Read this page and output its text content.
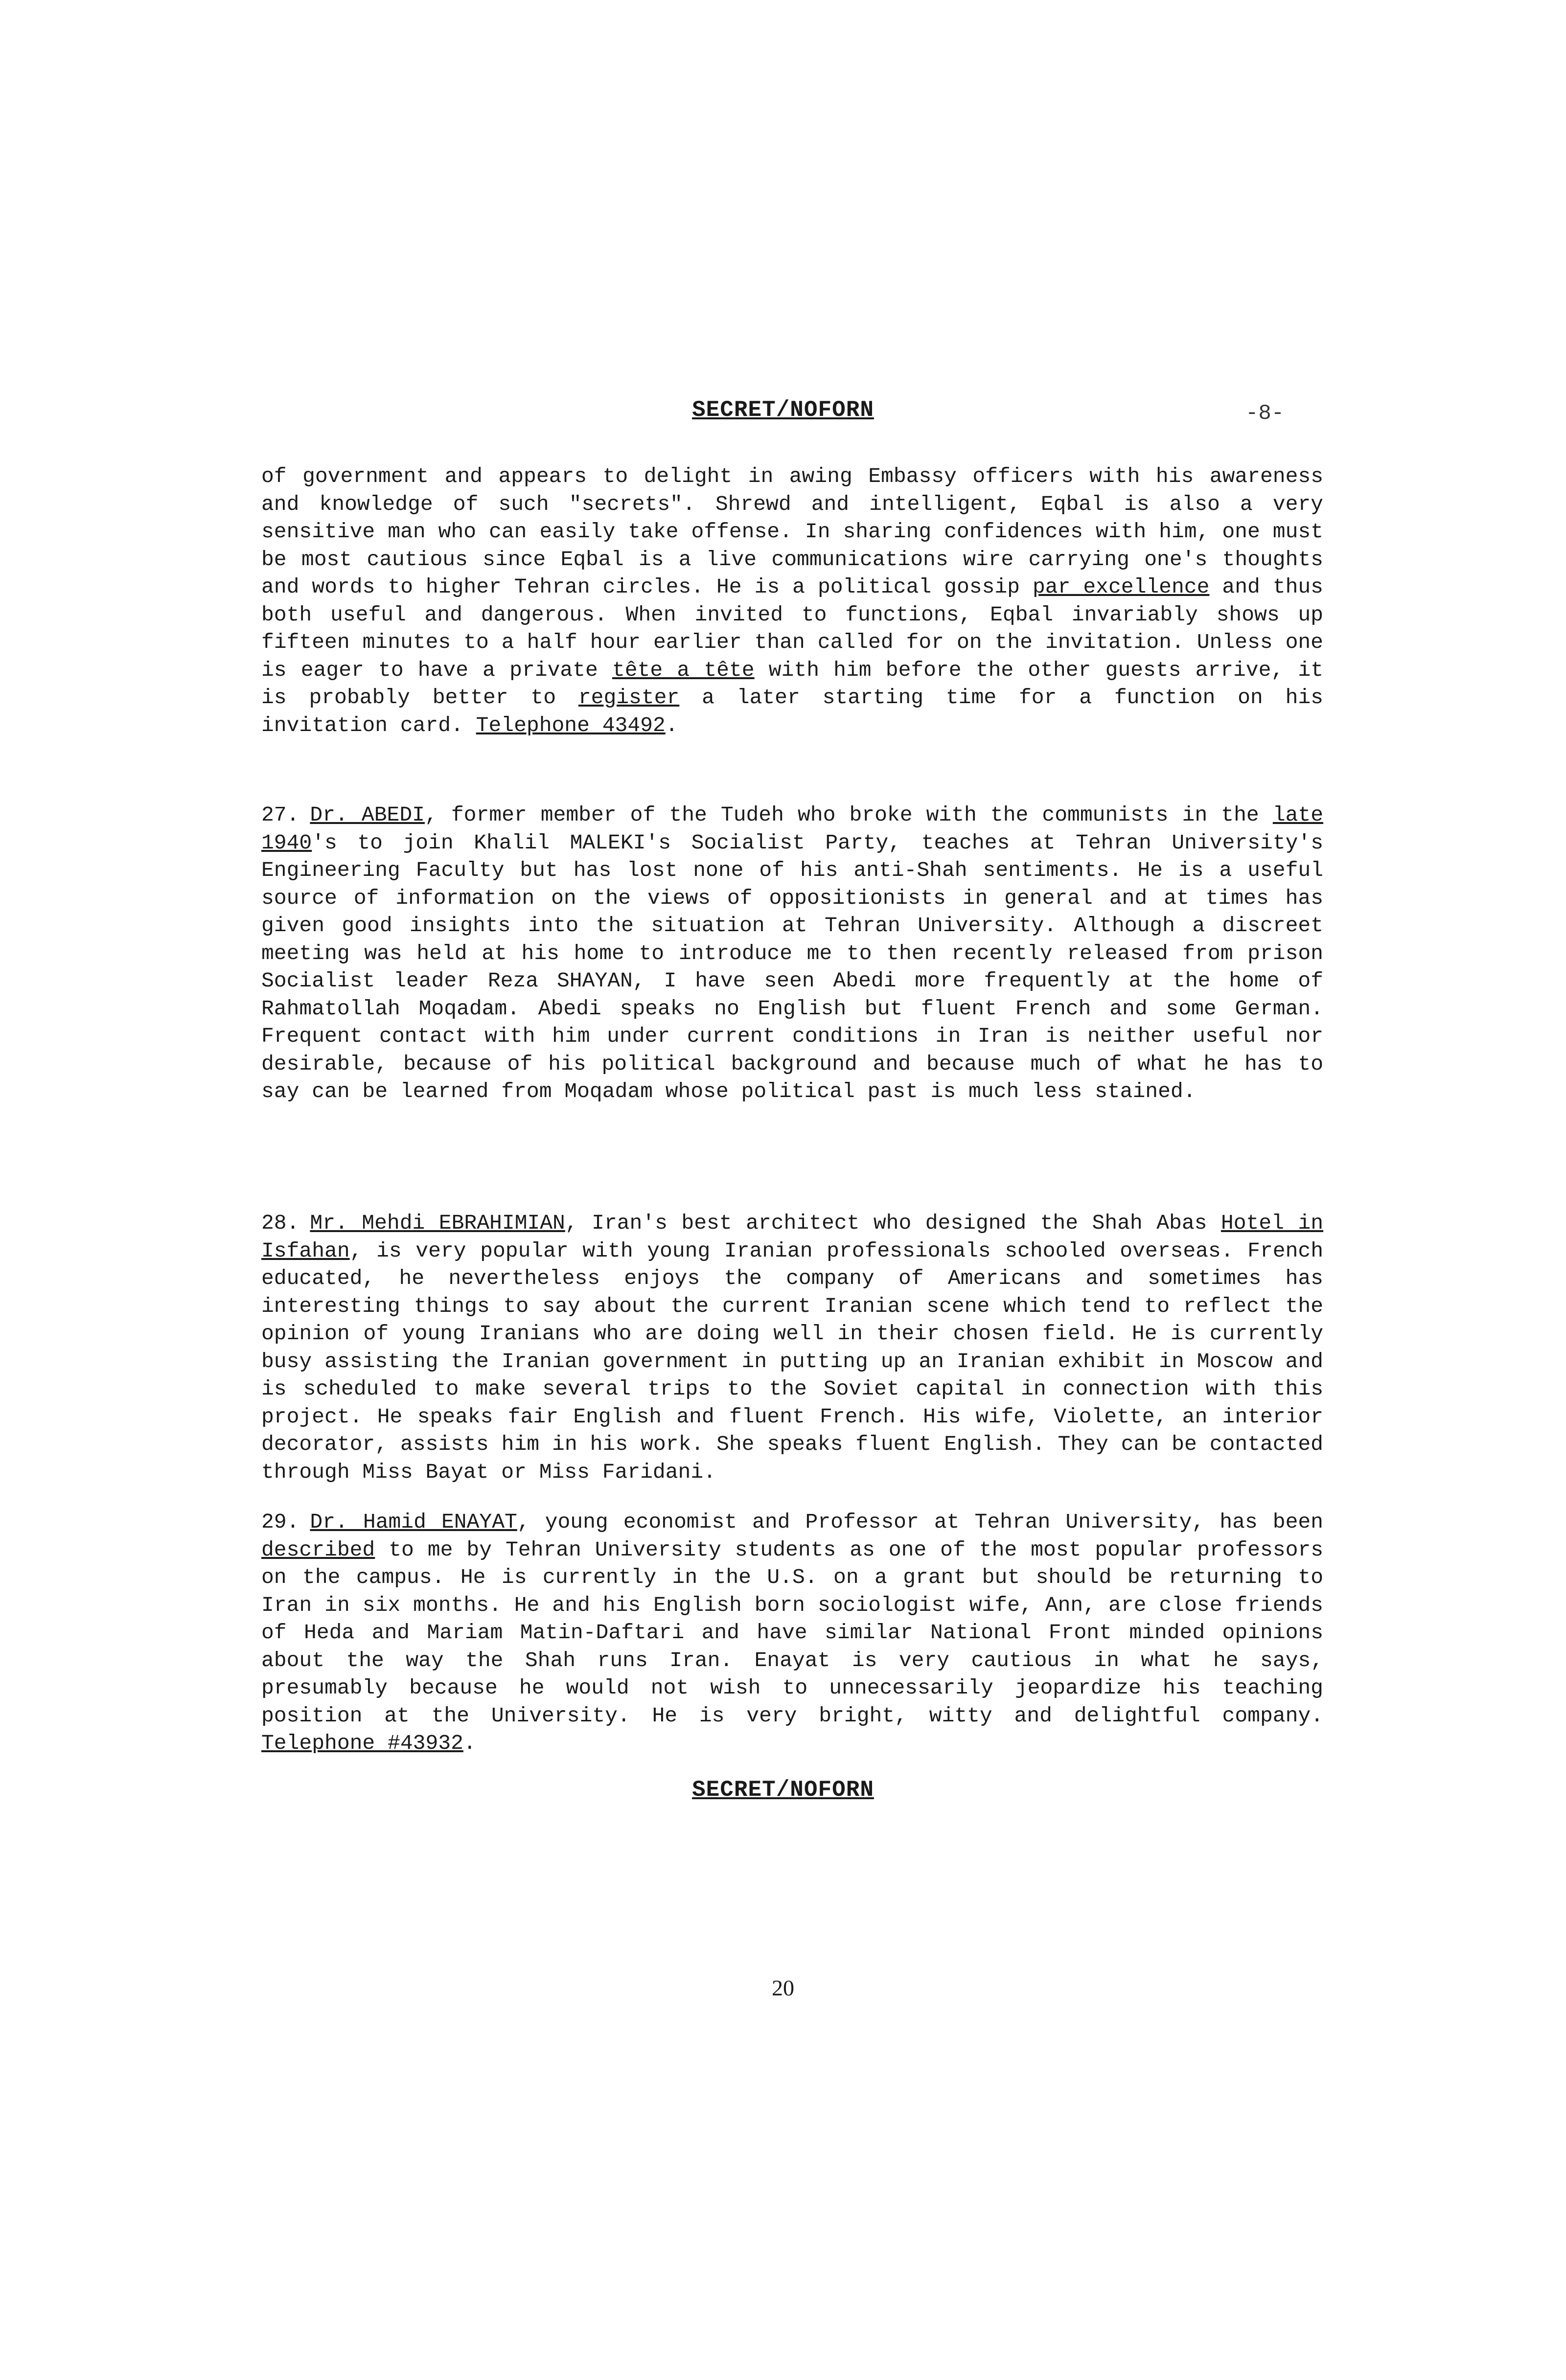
SECRET/NOFORN	-8-

of government and appears to delight in awing Embassy officers with his awareness and knowledge of such "secrets". Shrewd and intelligent, Eqbal is also a very sensitive man who can easily take offense. In sharing confidences with him, one must be most cautious since Eqbal is a live communications wire carrying one's thoughts and words to higher Tehran circles. He is a political gossip par excellence and thus both useful and dangerous. When invited to functions, Eqbal invariably shows up fifteen minutes to a half hour earlier than called for on the invitation. Unless one is eager to have a private tête a tête with him before the other guests arrive, it is probably better to register a later starting time for a function on his invitation card. Telephone 43492.

27. Dr. ABEDI, former member of the Tudeh who broke with the communists in the late 1940's to join Khalil MALEKI's Socialist Party, teaches at Tehran University's Engineering Faculty but has lost none of his anti-Shah sentiments. He is a useful source of information on the views of oppositionists in general and at times has given good insights into the situation at Tehran University. Although a discreet meeting was held at his home to introduce me to then recently released from prison Socialist leader Reza SHAYAN, I have seen Abedi more frequently at the home of Rahmatollah Moqadam. Abedi speaks no English but fluent French and some German. Frequent contact with him under current conditions in Iran is neither useful nor desirable, because of his political background and because much of what he has to say can be learned from Moqadam whose political past is much less stained.

28. Mr. Mehdi EBRAHIMIAN, Iran's best architect who designed the Shah Abas Hotel in Isfahan, is very popular with young Iranian professionals schooled overseas. French educated, he nevertheless enjoys the company of Americans and sometimes has interesting things to say about the current Iranian scene which tend to reflect the opinion of young Iranians who are doing well in their chosen field. He is currently busy assisting the Iranian government in putting up an Iranian exhibit in Moscow and is scheduled to make several trips to the Soviet capital in connection with this project. He speaks fair English and fluent French. His wife, Violette, an interior decorator, assists him in his work. She speaks fluent English. They can be contacted through Miss Bayat or Miss Faridani.

29. Dr. Hamid ENAYAT, young economist and Professor at Tehran University, has been described to me by Tehran University students as one of the most popular professors on the campus. He is currently in the U.S. on a grant but should be returning to Iran in six months. He and his English born sociologist wife, Ann, are close friends of Heda and Mariam Matin-Daftari and have similar National Front minded opinions about the way the Shah runs Iran. Enayat is very cautious in what he says, presumably because he would not wish to unnecessarily jeopardize his teaching position at the University. He is very bright, witty and delightful company. Telephone #43932.

SECRET/NOFORN
20
